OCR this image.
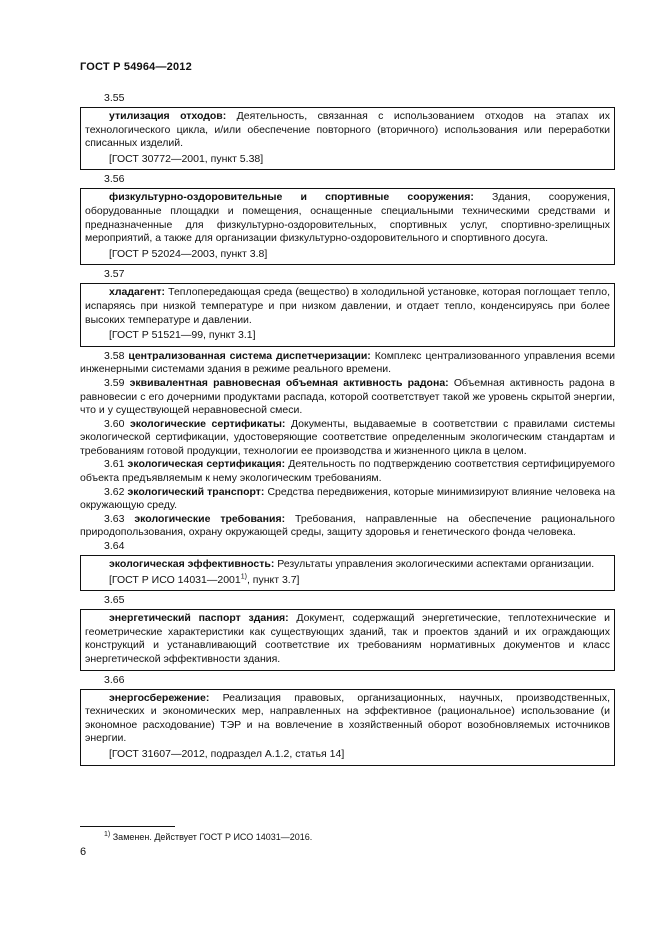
ГОСТ Р 54964—2012
3.55

утилизация отходов: Деятельность, связанная с использованием отходов на этапах их технологического цикла, и/или обеспечение повторного (вторичного) использования или переработки списанных изделий.

[ГОСТ 30772—2001, пункт 5.38]

3.56

физкультурно-оздоровительные и спортивные сооружения: Здания, сооружения, оборудованные площадки и помещения, оснащенные специальными техническими средствами и предназначенные для физкультурно-оздоровительных, спортивных услуг, спортивно-зрелищных мероприятий, а также для организации физкультурно-оздоровительного и спортивного досуга.

[ГОСТ Р 52024—2003, пункт 3.8]

3.57

хладагент: Теплопередающая среда (вещество) в холодильной установке, которая поглощает тепло, испаряясь при низкой температуре и при низком давлении, и отдает тепло, конденсируясь при более высоких температуре и давлении.

[ГОСТ Р 51521—99, пункт 3.1]

3.58 централизованная система диспетчеризации: Комплекс централизованного управления всеми инженерными системами здания в режиме реального времени.

3.59 эквивалентная равновесная объемная активность радона: Объемная активность радона в равновесии с его дочерними продуктами распада, которой соответствует такой же уровень скрытой энергии, что и у существующей неравновесной смеси.

3.60 экологические сертификаты: Документы, выдаваемые в соответствии с правилами системы экологической сертификации, удостоверяющие соответствие определенным экологическим стандартам и требованиям готовой продукции, технологии ее производства и жизненного цикла в целом.

3.61 экологическая сертификация: Деятельность по подтверждению соответствия сертифицируемого объекта предъявляемым к нему экологическим требованиям.

3.62 экологический транспорт: Средства передвижения, которые минимизируют влияние человека на окружающую среду.

3.63 экологические требования: Требования, направленные на обеспечение рационального природопользования, охрану окружающей среды, защиту здоровья и генетического фонда человека.

3.64

экологическая эффективность: Результаты управления экологическими аспектами организации.

[ГОСТ Р ИСО 14031—2001$^{1)}$, пункт 3.7]

3.65

энергетический паспорт здания: Документ, содержащий энергетические, теплотехнические и геометрические характеристики как существующих зданий, так и проектов зданий и их ограждающих конструкций и устанавливающий соответствие их требованиям нормативных документов и класс энергетической эффективности здания.

3.66

энергосбережение: Реализация правовых, организационных, научных, производственных, технических и экономических мер, направленных на эффективное (рациональное) использование (и экономное расходование) ТЭР и на вовлечение в хозяйственный оборот возобновляемых источников энергии.

[ГОСТ 31607—2012, подраздел А.1.2, статья 14]

$^{1)}$ Заменен. Действует ГОСТ Р ИСО 14031—2016.
6
